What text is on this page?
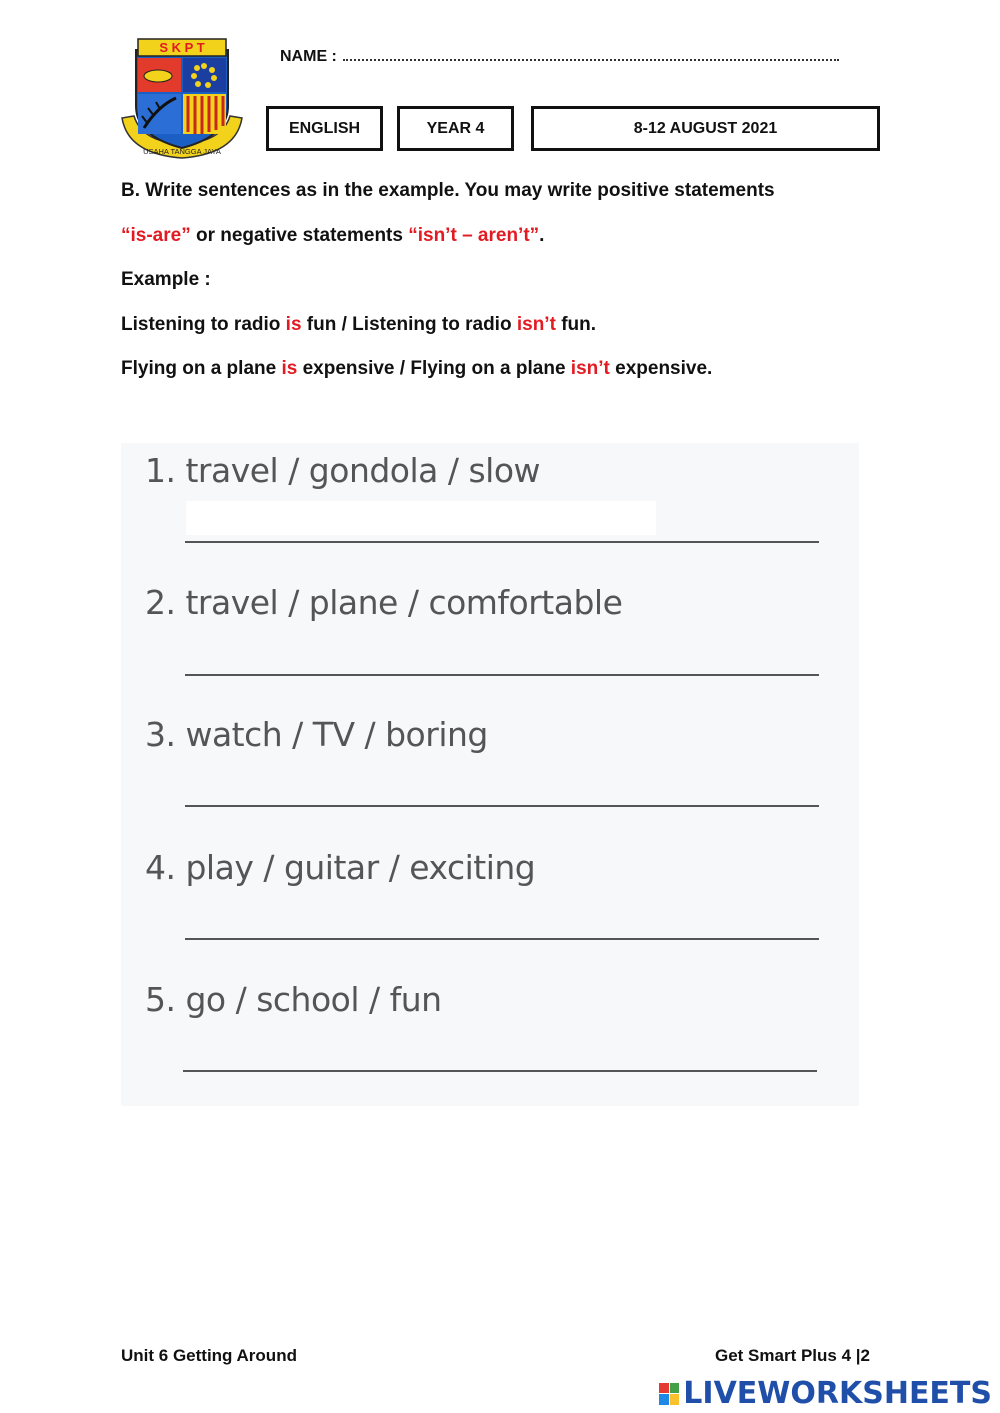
S K P T
USAHA TANGGA JAYA
NAME :
ENGLISH	YEAR 4	8-12 AUGUST 2021
B. Write sentences as in the example. You may write positive statements
“is-are” or negative statements “isn’t – aren’t”.
Example :
Listening to radio is fun / Listening to radio isn’t fun.
Flying on a plane is expensive / Flying on a plane isn’t expensive.
1. travel / gondola / slow
2. travel / plane / comfortable
3. watch / TV / boring
4. play / guitar / exciting
5. go / school / fun
Unit 6 Getting Around	Get Smart Plus 4 |2
LIVEWORKSHEETS
